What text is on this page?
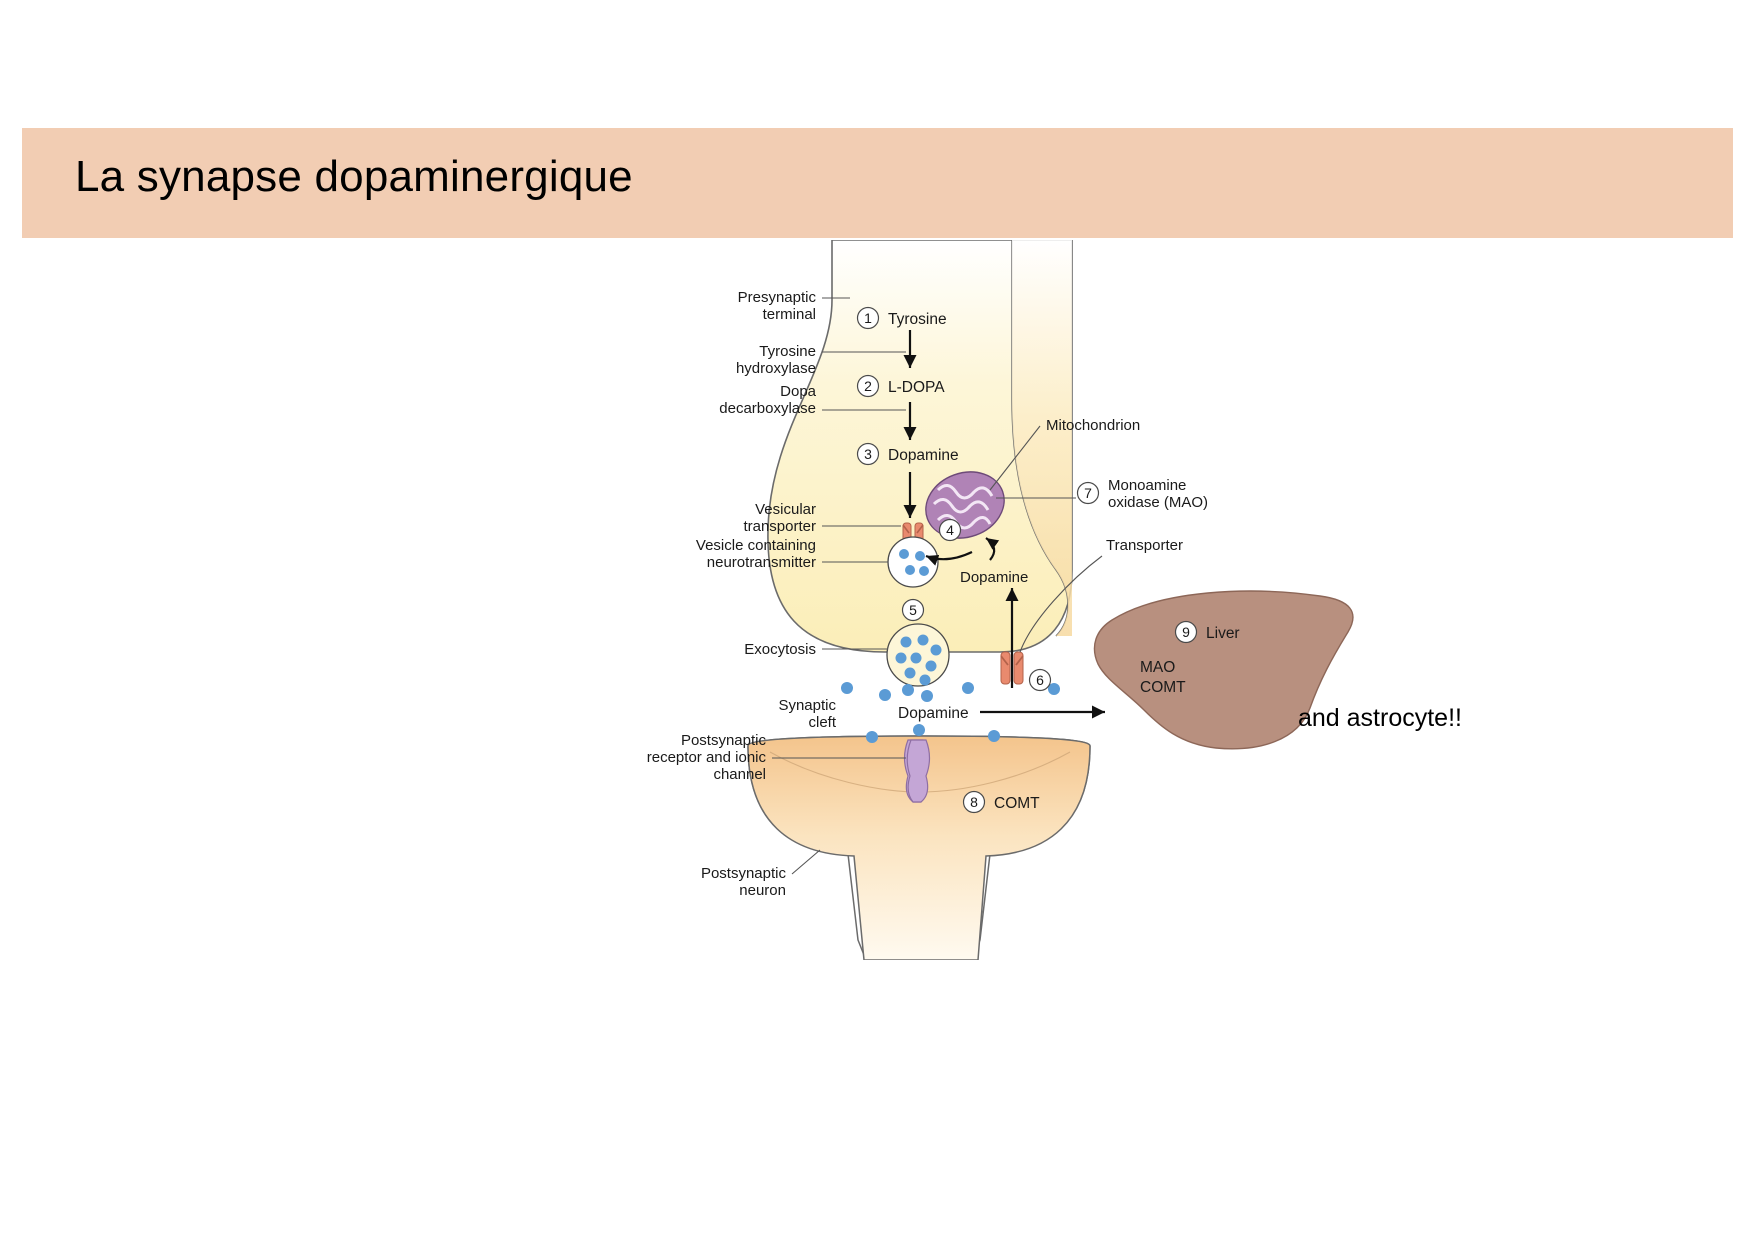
La synapse dopaminergique
1 Tyrosine
2 L-DOPA
3 Dopamine
4
Dopamine
5
6
Dopamine
9 Liver
MAO
COMT
8 COMT
Presynaptic
terminal
Tyrosine
hydroxylase
Dopa
decarboxylase
Vesicular
transporter
Vesicle containing
neurotransmitter
Exocytosis
Synaptic
cleft
Postsynaptic
receptor and ionic
channel
Postsynaptic
neuron
Mitochondrion
7 Monoamine
oxidase (MAO)
Transporter
and astrocyte!!
